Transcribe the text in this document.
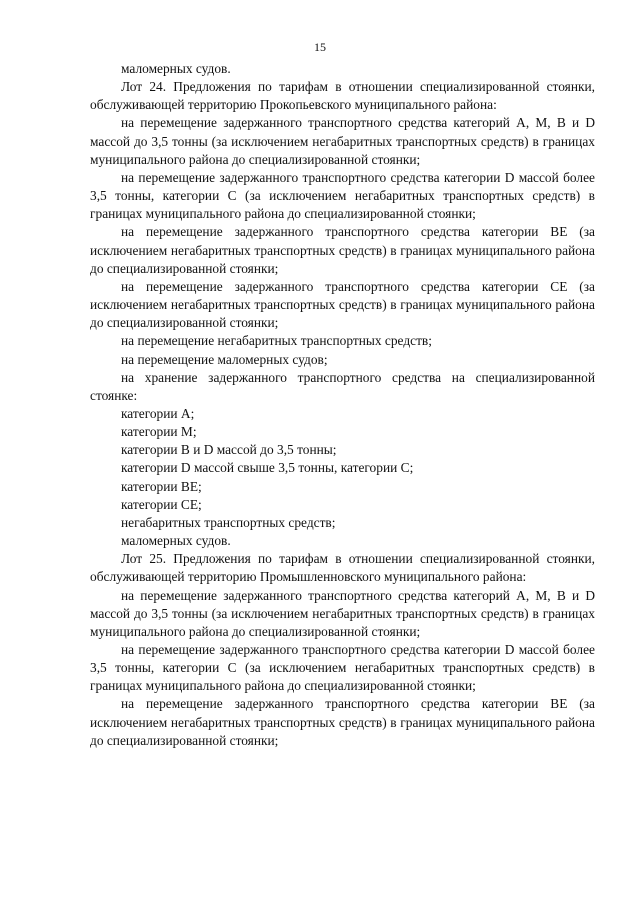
15

маломерных судов.

Лот 24. Предложения по тарифам в отношении специализированной стоянки, обслуживающей территорию Прокопьевского муниципального района:

на перемещение задержанного транспортного средства категорий A, M, B и D массой до 3,5 тонны (за исключением негабаритных транспортных средств) в границах муниципального района до специализированной стоянки;

на перемещение задержанного транспортного средства категории D массой более 3,5 тонны, категории C (за исключением негабаритных транспортных средств) в границах муниципального района до специализированной стоянки;

на перемещение задержанного транспортного средства категории BE (за исключением негабаритных транспортных средств) в границах муниципального района до специализированной стоянки;

на перемещение задержанного транспортного средства категории CE (за исключением негабаритных транспортных средств) в границах муниципального района до специализированной стоянки;

на перемещение негабаритных транспортных средств;

на перемещение маломерных судов;

на хранение задержанного транспортного средства на специализированной стоянке:

категории A;

категории M;

категории B и D массой до 3,5 тонны;

категории D массой свыше 3,5 тонны, категории C;

категории BE;

категории CE;

негабаритных транспортных средств;

маломерных судов.

Лот 25. Предложения по тарифам в отношении специализированной стоянки, обслуживающей территорию Промышленновского муниципального района:

на перемещение задержанного транспортного средства категорий A, M, B и D массой до 3,5 тонны (за исключением негабаритных транспортных средств) в границах муниципального района до специализированной стоянки;

на перемещение задержанного транспортного средства категории D массой более 3,5 тонны, категории C (за исключением негабаритных транспортных средств) в границах муниципального района до специализированной стоянки;

на перемещение задержанного транспортного средства категории BE (за исключением негабаритных транспортных средств) в границах муниципального района до специализированной стоянки;
